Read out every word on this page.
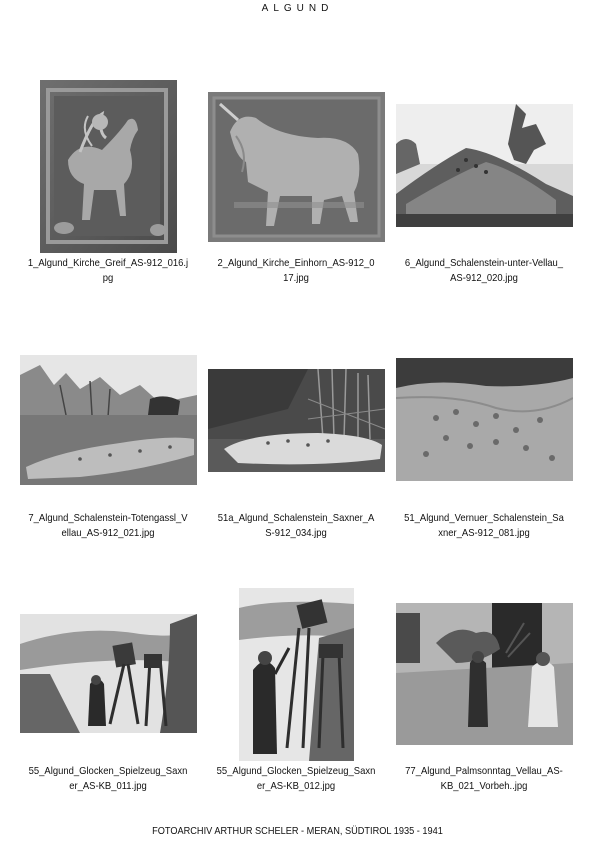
ALGUND
1_Algund_Kirche_Greif_AS-912_016.jpg
2_Algund_Kirche_Einhorn_AS-912_017.jpg
6_Algund_Schalenstein-unter-Vellau_AS-912_020.jpg
7_Algund_Schalenstein-Totengassl_Vellau_AS-912_021.jpg
51a_Algund_Schalenstein_Saxner_AS-912_034.jpg
51_Algund_Vernuer_Schalenstein_Saxner_AS-912_081.jpg
55_Algund_Glocken_Spielzeug_Saxner_AS-KB_011.jpg
55_Algund_Glocken_Spielzeug_Saxner_AS-KB_012.jpg
77_Algund_Palmsonntag_Vellau_AS-KB_021_Vorbeh..jpg
FOTOARCHIV ARTHUR SCHELER - MERAN, SÜDTIROL 1935 - 1941
